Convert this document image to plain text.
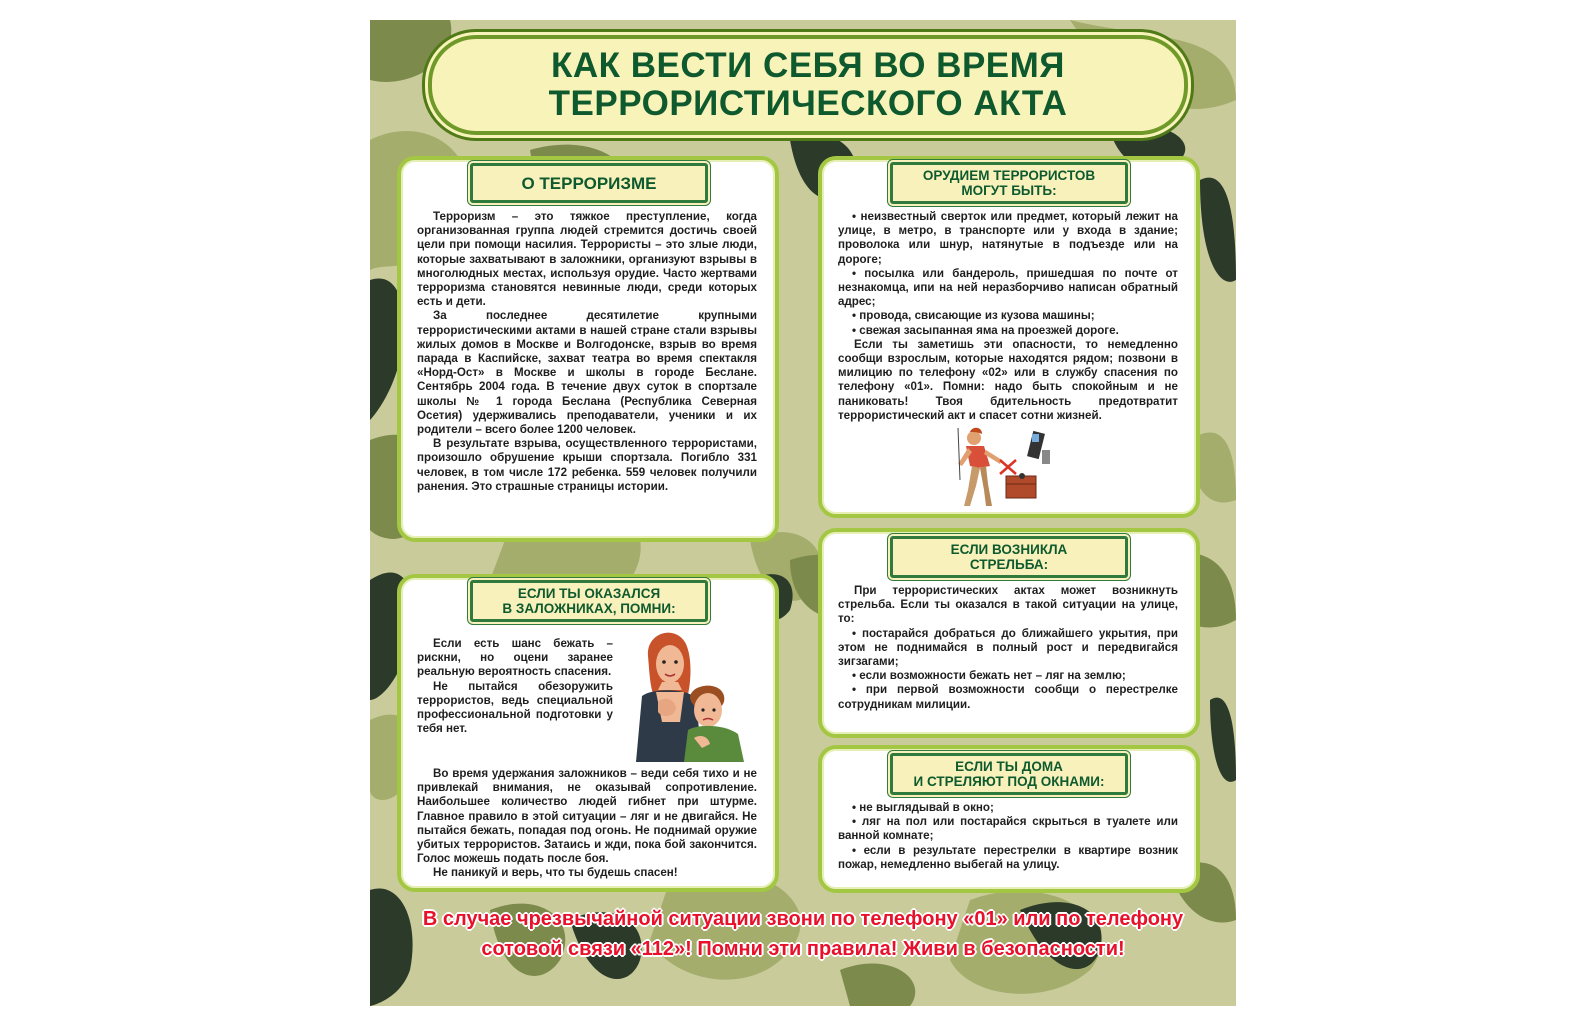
КАК ВЕСТИ СЕБЯ ВО ВРЕМЯ
ТЕРРОРИСТИЧЕСКОГО АКТА
О ТЕРРОРИЗМЕ

Терроризм – это тяжкое преступление, когда организованная группа людей стремится достичь своей цели при помощи насилия. Террористы – это злые люди, которые захватывают в заложники, организуют взрывы в многолюдных местах, используя орудие. Часто жертвами терроризма становятся невинные люди, среди которых есть и дети.

За последнее десятилетие крупными террористическими актами в нашей стране стали взрывы жилых домов в Москве и Волгодонске, взрыв во время парада в Каспийске, захват театра во время спектакля «Норд-Ост» в Москве и школы в городе Беслане. Сентябрь 2004 года. В течение двух суток в спортзале школы № 1 города Беслана (Республика Северная Осетия) удерживались преподаватели, ученики и их родители – всего более 1200 человек.

В результате взрыва, осуществленного террористами, произошло обрушение крыши спортзала. Погибло 331 человек, в том числе 172 ребенка. 559 человек получили ранения. Это страшные страницы истории.

ОРУДИЕМ ТЕРРОРИСТОВ
МОГУТ БЫТЬ:

• неизвестный сверток или предмет, который лежит на улице, в метро, в транспорте или у входа в здание; проволока или шнур, натянутые в подъезде или на дороге;

• посылка или бандероль, пришедшая по почте от незнакомца, ипи на ней неразборчиво написан обратный адрес;

• провода, свисающие из кузова машины;

• свежая засыпанная яма на проезжей дороге.

Если ты заметишь эти опасности, то немедленно сообщи взрослым, которые находятся рядом; позвони в милицию по телефону «02» или в службу спасения по телефону «01». Помни: надо быть спокойным и не паниковать! Твоя бдительность предотвратит террористический акт и спасет сотни жизней.

ЕСЛИ ТЫ ОКАЗАЛСЯ
В ЗАЛОЖНИКАХ, ПОМНИ:

Если есть шанс бежать – рискни, но оцени заранее реальную вероятность спасения.

Не пытайся обезоружить террористов, ведь специальной профессиональной подготовки у тебя нет.

Во время удержания заложников – веди себя тихо и не привлекай внимания, не оказывай сопротивление. Наибольшее количество людей гибнет при штурме. Главное правило в этой ситуации – ляг и не двигайся. Не пытайся бежать, попадая под огонь. Не поднимай оружие убитых террористов. Затаись и жди, пока бой закончится. Голос можешь подать после боя.

Не паникуй и верь, что ты будешь спасен!

ЕСЛИ ВОЗНИКЛА
СТРЕЛЬБА:

При террористических актах может возникнуть стрельба. Если ты оказался в такой ситуации на улице, то:

• постарайся добраться до ближайшего укрытия, при этом не поднимайся в полный рост и передвигайся зигзагами;

• если возможности бежать нет – ляг на землю;

• при первой возможности сообщи о перестрелке сотрудникам милиции.

ЕСЛИ ТЫ ДОМА
И СТРЕЛЯЮТ ПОД ОКНАМИ:

• не выглядывай в окно;

• ляг на пол или постарайся скрыться в туалете или ванной комнате;

• если в результате перестрелки в квартире возник пожар, немедленно выбегай на улицу.

В случае чрезвычайной ситуации звони по телефону «01» или по телефону
сотовой связи «112»! Помни эти правила! Живи в безопасности!
